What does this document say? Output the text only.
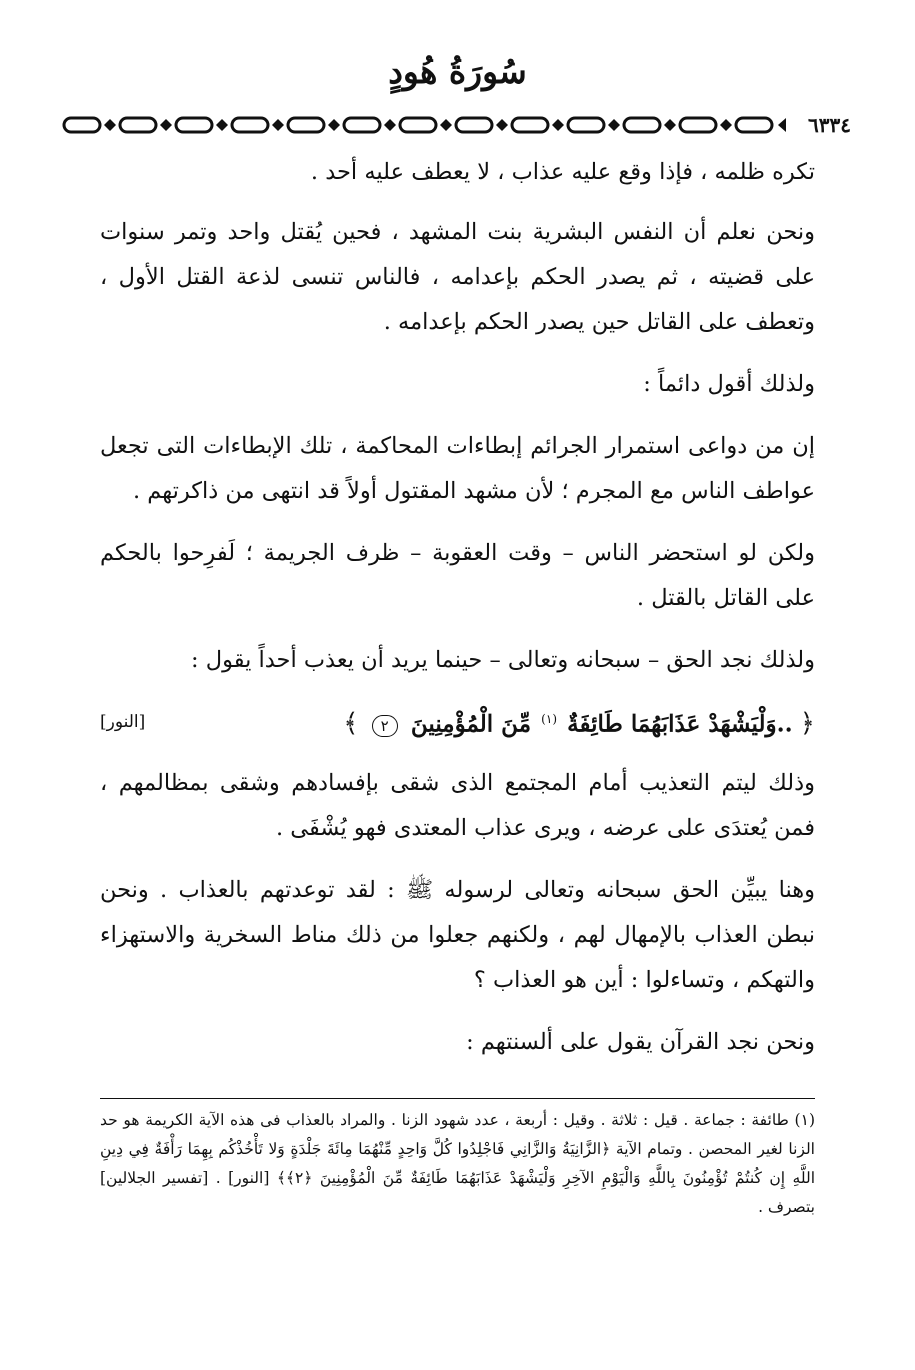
سُورَةُ هُودٍ
٦٣٣٤

تكره ظلمه ، فإذا وقع عليه عذاب ، لا يعطف عليه أحد .

ونحن نعلم أن النفس البشرية بنت المشهد ، فحين يُقتل واحد وتمر سنوات على قضيته ، ثم يصدر الحكم بإعدامه ، فالناس تنسى لذعة القتل الأول ، وتعطف على القاتل حين يصدر الحكم بإعدامه .

ولذلك أقول دائماً :

إن من دواعى استمرار الجرائم إبطاءات المحاكمة ، تلك الإبطاءات التى تجعل عواطف الناس مع المجرم ؛ لأن مشهد المقتول أولاً قد انتهى من ذاكرتهم .

ولكن لو استحضر الناس – وقت العقوبة – ظرف الجريمة ؛ لَفرِحوا بالحكم على القاتل بالقتل .

ولذلك نجد الحق – سبحانه وتعالى – حينما يريد أن يعذب أحداً يقول :

﴿ ..وَلْيَشْهَدْ عَذَابَهُمَا طَائِفَةٌ $^{(١)}$ مِّنَ الْمُؤْمِنِينَ ٢ ﴾
[النور]

وذلك ليتم التعذيب أمام المجتمع الذى شقى بإفسادهم وشقى بمظالمهم ، فمن يُعتدَى على عرضه ، ويرى عذاب المعتدى فهو يُشْفَى .

وهنا يبيِّن الحق سبحانه وتعالى لرسوله ﷺ : لقد توعدتهم بالعذاب . ونحن نبطن العذاب بالإمهال لهم ، ولكنهم جعلوا من ذلك مناط السخرية والاستهزاء والتهكم ، وتساءلوا : أين هو العذاب ؟

ونحن نجد القرآن يقول على ألسنتهم :

(١) طائفة : جماعة . قيل : ثلاثة . وقيل : أربعة ، عدد شهود الزنا . والمراد بالعذاب فى هذه الآية الكريمة هو حد الزنا لغير المحصن . وتمام الآية ﴿الزَّانِيَةُ وَالزَّانِي فَاجْلِدُوا كُلَّ وَاحِدٍ مِّنْهُمَا مِائَةَ جَلْدَةٍ وَلا تَأْخُذْكُم بِهِمَا رَأْفَةٌ فِي دِينِ اللَّهِ إِن كُنتُمْ تُؤْمِنُونَ بِاللَّهِ وَالْيَوْمِ الآخِرِ وَلْيَشْهَدْ عَذَابَهُمَا طَائِفَةٌ مِّنَ الْمُؤْمِنِينَ ﴿٢﴾﴾ [النور] . [تفسير الجلالين] بتصرف .
